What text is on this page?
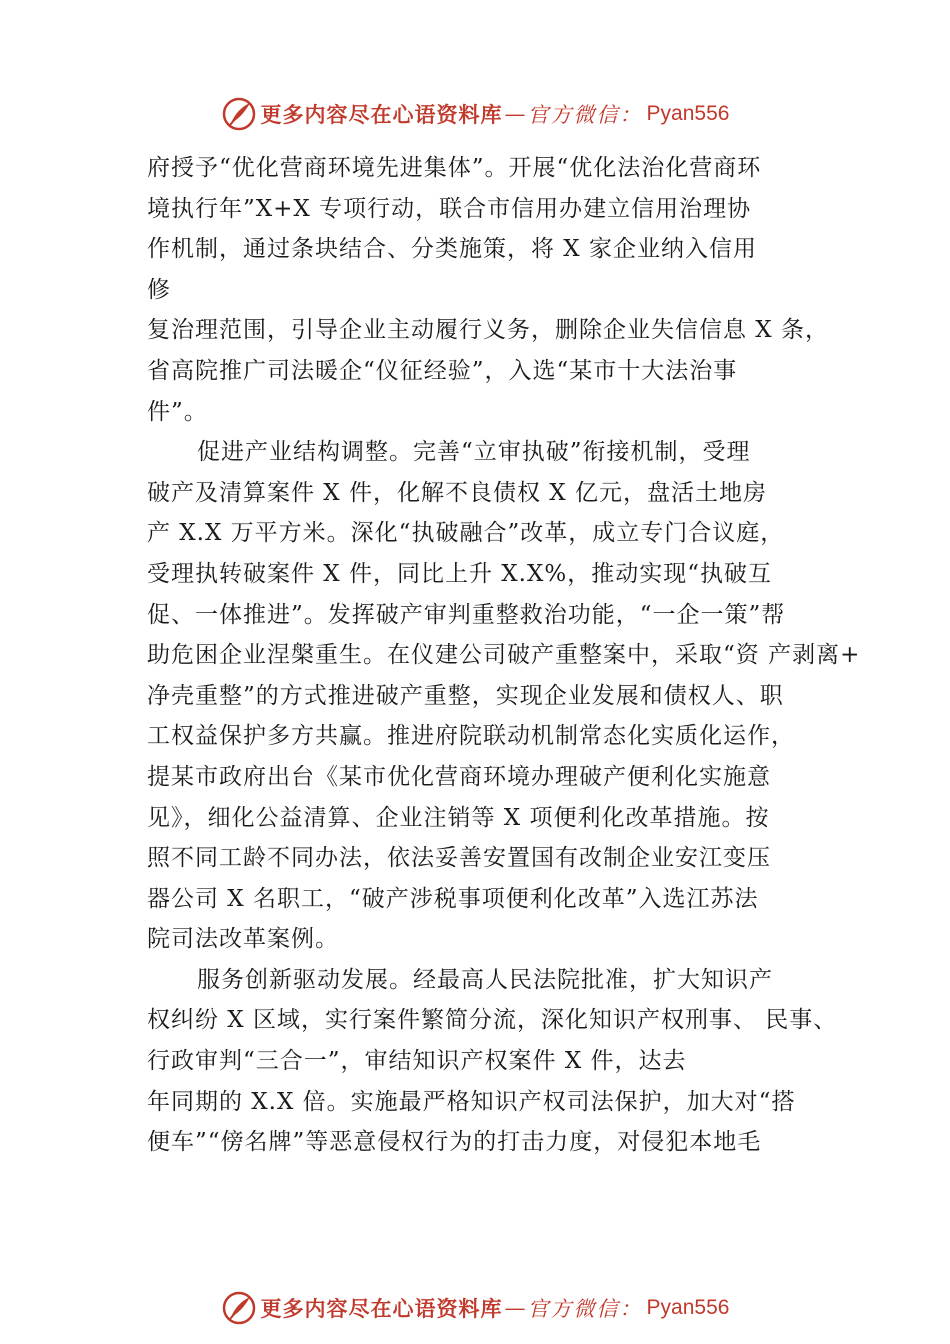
更多内容尽在心语资料库 — 官方微信： Pyan556
府授予“优化营商环境先进集体”。开展“优化法治化营商环
境执行年”X+X 专项行动，联合市信用办建立信用治理协
作机制，通过条块结合、分类施策，将 X 家企业纳入信用
修
复治理范围，引导企业主动履行义务，删除企业失信信息 X 条，
省高院推广司法暖企“仪征经验”，入选“某市十大法治事
件”。
促进产业结构调整。完善“立审执破”衔接机制，受理
破产及清算案件 X 件，化解不良债权 X 亿元，盘活土地房
产 X.X 万平方米。深化“执破融合”改革，成立专门合议庭，
受理执转破案件 X 件，同比上升 X.X%，推动实现“执破互
促、一体推进”。发挥破产审判重整救治功能，“一企一策”帮
助危困企业涅槃重生。在仪建公司破产重整案中，采取“资 产剥离+
净壳重整”的方式推进破产重整，实现企业发展和债权人、职
工权益保护多方共赢。推进府院联动机制常态化实质化运作，
提某市政府出台《某市优化营商环境办理破产便利化实施意
见》，细化公益清算、企业注销等 X 项便利化改革措施。按
照不同工龄不同办法，依法妥善安置国有改制企业安江变压
器公司 X 名职工，“破产涉税事项便利化改革”入选江苏法
院司法改革案例。
服务创新驱动发展。经最高人民法院批准，扩大知识产
权纠纷 X 区域，实行案件繁简分流，深化知识产权刑事、 民事、
行政审判“三合一”，审结知识产权案件 X 件，达去
年同期的 X.X 倍。实施最严格知识产权司法保护，加大对“搭
便车”“傍名牌”等恶意侵权行为的打击力度，对侵犯本地毛
更多内容尽在心语资料库 — 官方微信： Pyan556
